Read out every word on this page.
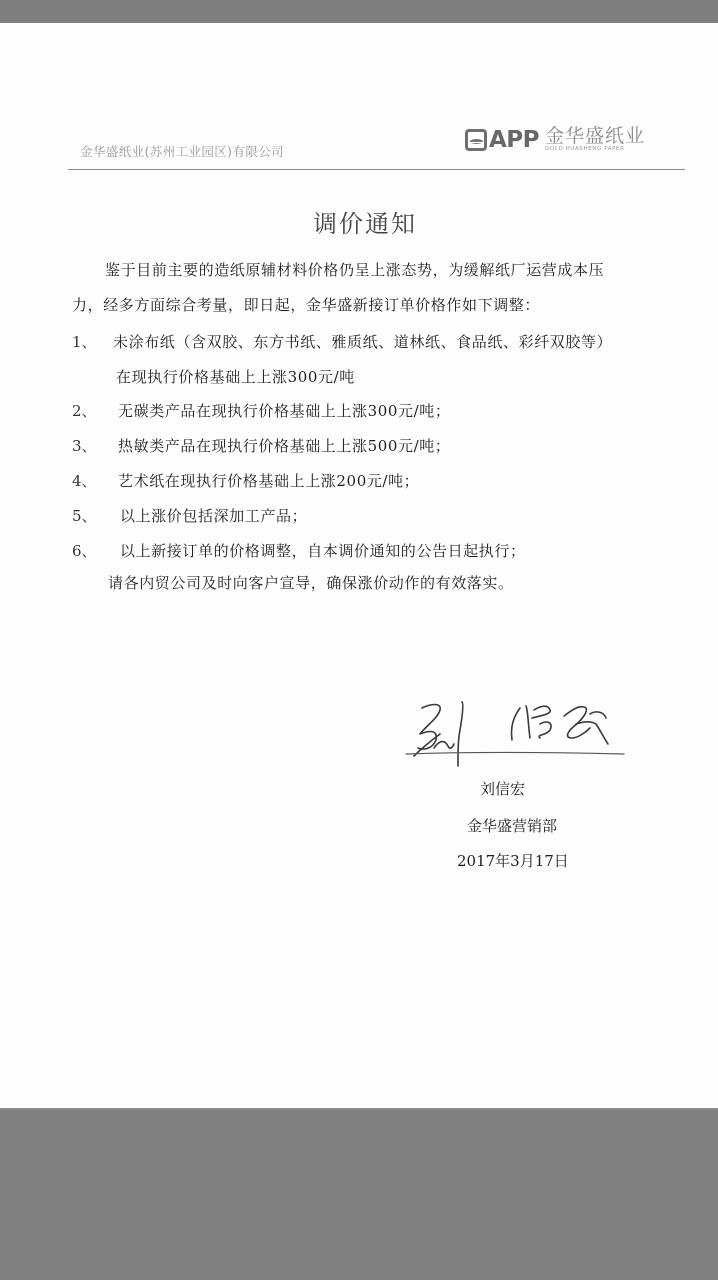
金华盛纸业(苏州工业园区)有限公司	APP 金华盛纸业
GOLD HUASHENG PAPER
调价通知
鉴于目前主要的造纸原辅材料价格仍呈上涨态势，为缓解纸厂运营成本压
力，经多方面综合考量，即日起，金华盛新接订单价格作如下调整：
1、 未涂布纸（含双胶、东方书纸、雅质纸、道林纸、食品纸、彩纤双胶等）
在现执行价格基础上上涨300元/吨
2、 无碳类产品在现执行价格基础上上涨300元/吨；
3、 热敏类产品在现执行价格基础上上涨500元/吨；
4、 艺术纸在现执行价格基础上上涨200元/吨；
5、 以上涨价包括深加工产品；
6、 以上新接订单的价格调整，自本调价通知的公告日起执行；
请各内贸公司及时向客户宣导，确保涨价动作的有效落实。
刘信宏
金华盛营销部
2017年3月17日
